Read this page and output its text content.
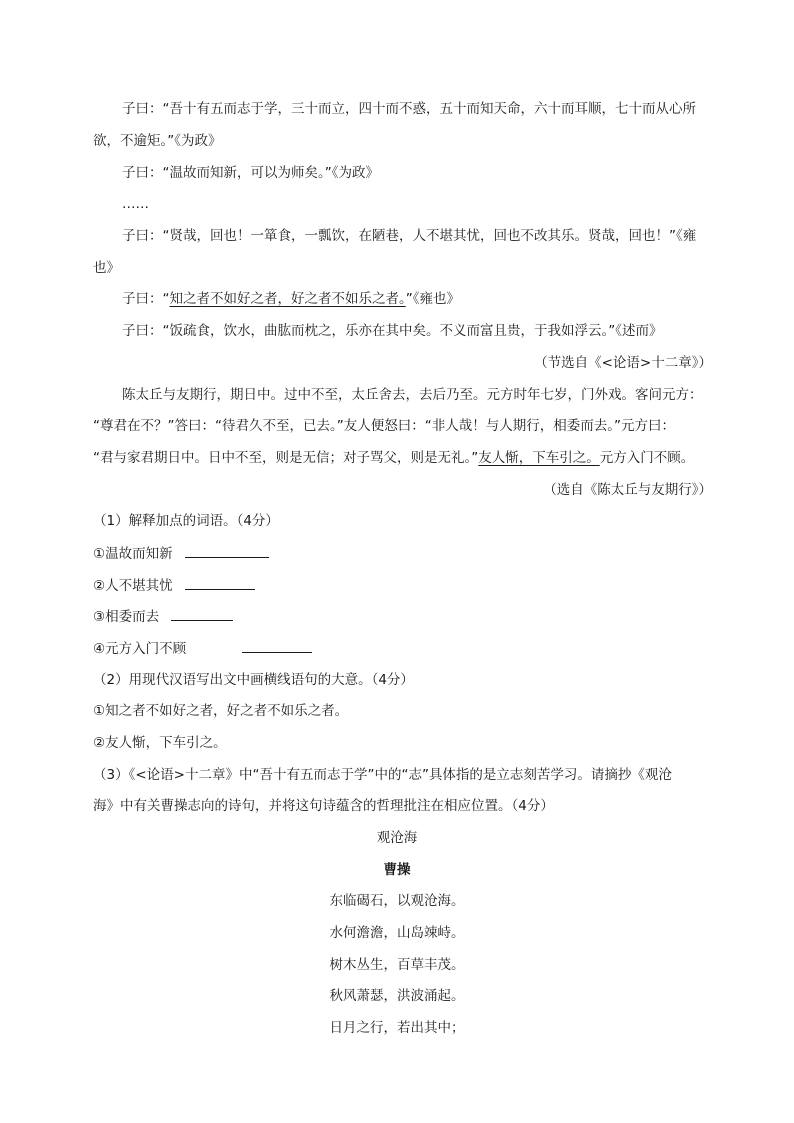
子曰：“吾十有五而志于学，三十而立，四十而不惑，五十而知天命，六十而耳顺，七十而从心所
欲，不逾矩。”《为政》
子曰：“温故而知新，可以为师矣。”《为政》
……
子曰：“贤哉，回也！一箪食，一瓢饮，在陋巷，人不堪其忧，回也不改其乐。贤哉，回也！”《雍
也》
子曰：“知之者不如好之者，好之者不如乐之者。”《雍也》
子曰：“饭疏食，饮水，曲肱而枕之，乐亦在其中矣。不义而富且贵，于我如浮云。”《述而》
（节选自《<论语>十二章》）
陈太丘与友期行，期日中。过中不至，太丘舍去，去后乃至。元方时年七岁，门外戏。客问元方：
“尊君在不？”答曰：“待君久不至，已去。”友人便怒曰：“非人哉！与人期行，相委而去。”元方曰：
“君与家君期日中。日中不至，则是无信；对子骂父，则是无礼。”友人惭，下车引之。元方入门不顾。
（选自《陈太丘与友期行》）
（1）解释加点的词语。（4分）
①温故而知新
②人不堪其忧
③相委而去
④元方入门不顾
（2）用现代汉语写出文中画横线语句的大意。（4分）
①知之者不如好之者，好之者不如乐之者。
②友人惭，下车引之。
（3）《<论语>十二章》中“吾十有五而志于学”中的“志”具体指的是立志刻苦学习。请摘抄《观沧
海》中有关曹操志向的诗句，并将这句诗蕴含的哲理批注在相应位置。（4分）
观沧海
曹操
东临碣石，以观沧海。
水何澹澹，山岛竦峙。
树木丛生，百草丰茂。
秋风萧瑟，洪波涌起。
日月之行，若出其中；
